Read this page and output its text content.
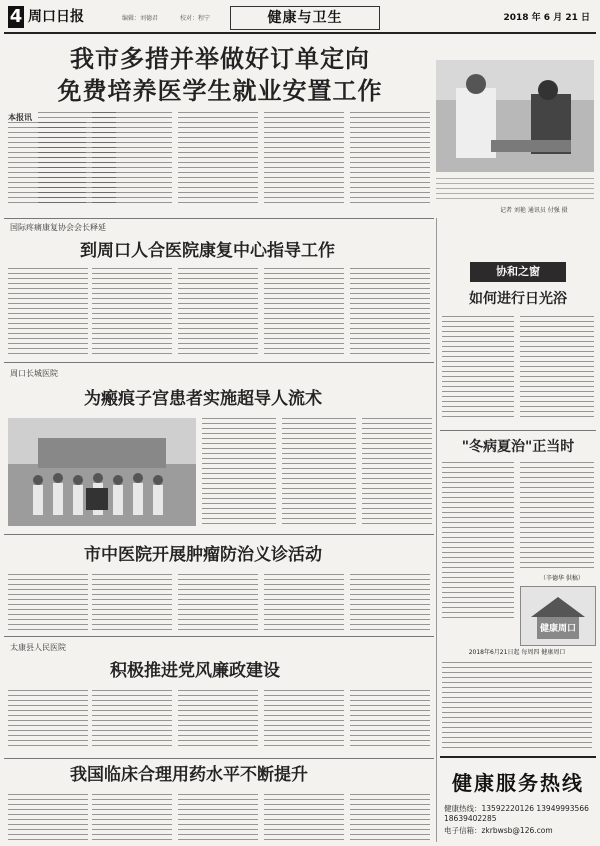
4 周口日报	编辑：刘德君	校对：程宁	健康与卫生	2018 年 6 月 21 日
我市多措并举做好订单定向
免费培养医学生就业安置工作
本报讯
记者 刘艳 通讯员 付强 摄
国际疼痛康复协会会长释延
到周口人合医院康复中心指导工作
周口长城医院
为瘢痕子宫患者实施超导人流术
市中医院开展肿瘤防治义诊活动
太康县人民医院
积极推进党风廉政建设
我国临床合理用药水平不断提升
协和之窗
如何进行日光浴
"冬病夏治"正当时
（辛德华 供稿）
健康周口
2018年6月21日起 每周四 健康周口
健康服务热线
健康热线：13592220126 13949993566 18639402285
电子信箱：zkrbwsb@126.com
